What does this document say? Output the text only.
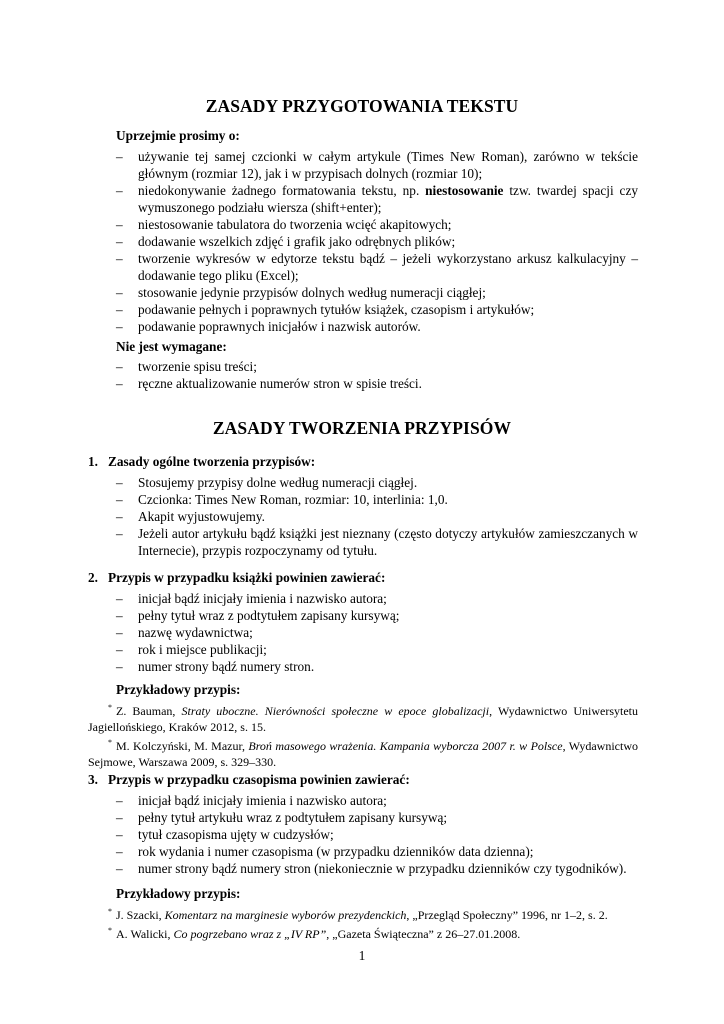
ZASADY PRZYGOTOWANIA TEKSTU
Uprzejmie prosimy o:
– używanie tej samej czcionki w całym artykule (Times New Roman), zarówno w tekście głównym (rozmiar 12), jak i w przypisach dolnych (rozmiar 10);
– niedokonywanie żadnego formatowania tekstu, np. niestosowanie tzw. twardej spacji czy wymuszonego podziału wiersza (shift+enter);
– niestosowanie tabulatora do tworzenia wcięć akapitowych;
– dodawanie wszelkich zdjęć i grafik jako odrębnych plików;
– tworzenie wykresów w edytorze tekstu bądź – jeżeli wykorzystano arkusz kalkulacyjny – dodawanie tego pliku (Excel);
– stosowanie jedynie przypisów dolnych według numeracji ciągłej;
– podawanie pełnych i poprawnych tytułów książek, czasopism i artykułów;
– podawanie poprawnych inicjałów i nazwisk autorów.
Nie jest wymagane:
– tworzenie spisu treści;
– ręczne aktualizowanie numerów stron w spisie treści.
ZASADY TWORZENIA PRZYPISÓW
1. Zasady ogólne tworzenia przypisów:
– Stosujemy przypisy dolne według numeracji ciągłej.
– Czcionka: Times New Roman, rozmiar: 10, interlinia: 1,0.
– Akapit wyjustowujemy.
– Jeżeli autor artykułu bądź książki jest nieznany (często dotyczy artykułów zamieszczanych w Internecie), przypis rozpoczynamy od tytułu.
2. Przypis w przypadku książki powinien zawierać:
– inicjał bądź inicjały imienia i nazwisko autora;
– pełny tytuł wraz z podtytułem zapisany kursywą;
– nazwę wydawnictwa;
– rok i miejsce publikacji;
– numer strony bądź numery stron.
Przykładowy przypis:
* Z. Bauman, Straty uboczne. Nierówności społeczne w epoce globalizacji, Wydawnictwo Uniwersytetu Jagiellońskiego, Kraków 2012, s. 15.
* M. Kolczyński, M. Mazur, Broń masowego wrażenia. Kampania wyborcza 2007 r. w Polsce, Wydawnictwo Sejmowe, Warszawa 2009, s. 329–330.
3. Przypis w przypadku czasopisma powinien zawierać:
– inicjał bądź inicjały imienia i nazwisko autora;
– pełny tytuł artykułu wraz z podtytułem zapisany kursywą;
– tytuł czasopisma ujęty w cudzysłów;
– rok wydania i numer czasopisma (w przypadku dzienników data dzienna);
– numer strony bądź numery stron (niekoniecznie w przypadku dzienników czy tygodników).
Przykładowy przypis:
* J. Szacki, Komentarz na marginesie wyborów prezydenckich, „Przegląd Społeczny” 1996, nr 1–2, s. 2.
* A. Walicki, Co pogrzebano wraz z „IV RP”, „Gazeta Świąteczna” z 26–27.01.2008.
1
